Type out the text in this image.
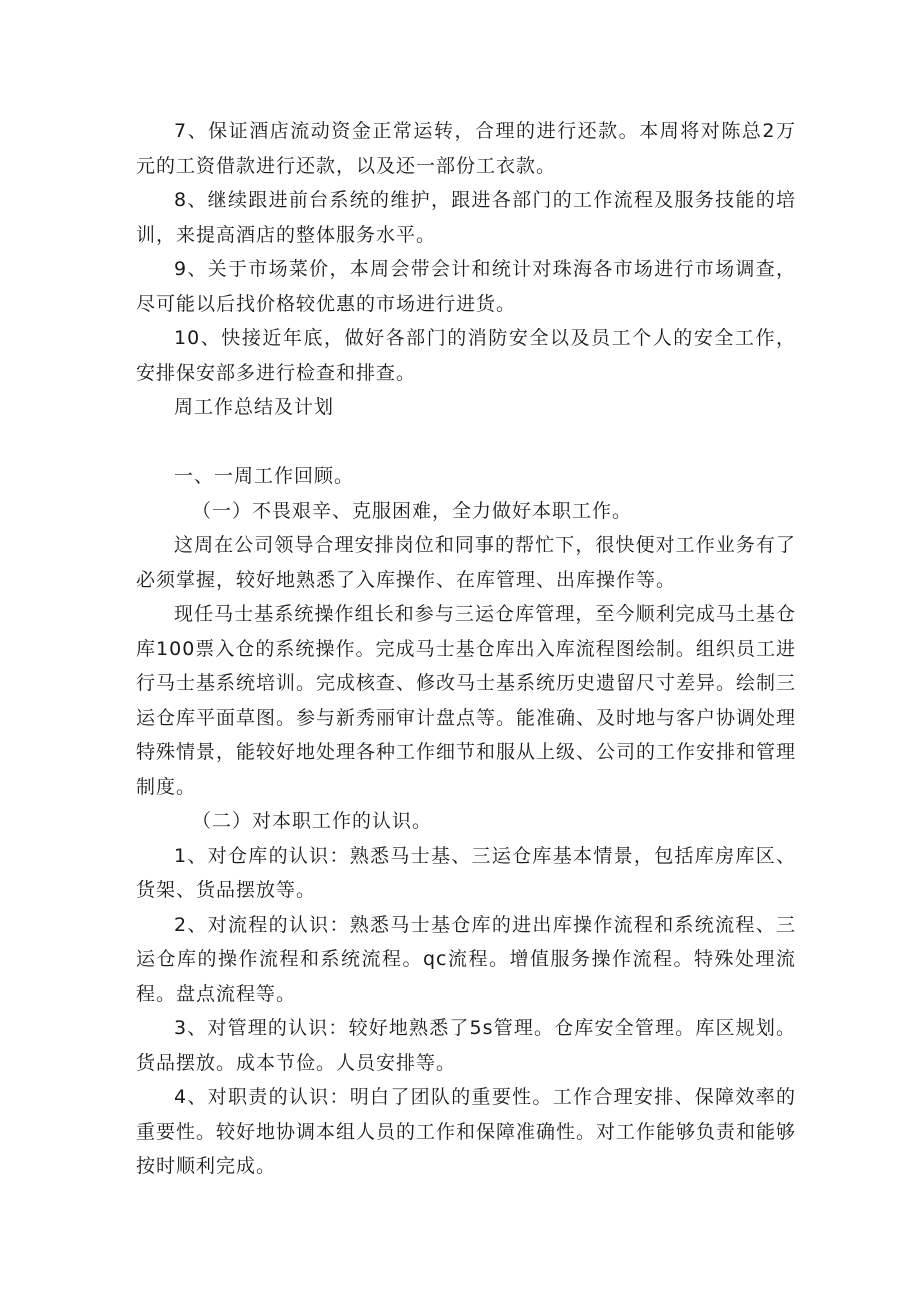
7、保证酒店流动资金正常运转，合理的进行还款。本周将对陈总2万元的工资借款进行还款，以及还一部份工衣款。

8、继续跟进前台系统的维护，跟进各部门的工作流程及服务技能的培训，来提高酒店的整体服务水平。

9、关于市场菜价，本周会带会计和统计对珠海各市场进行市场调查，尽可能以后找价格较优惠的市场进行进货。

10、快接近年底，做好各部门的消防安全以及员工个人的安全工作，安排保安部多进行检查和排查。

周工作总结及计划

一、一周工作回顾。

（一）不畏艰辛、克服困难，全力做好本职工作。

这周在公司领导合理安排岗位和同事的帮忙下，很快便对工作业务有了必须掌握，较好地熟悉了入库操作、在库管理、出库操作等。

现任马士基系统操作组长和参与三运仓库管理，至今顺利完成马土基仓库100票入仓的系统操作。完成马士基仓库出入库流程图绘制。组织员工进行马士基系统培训。完成核查、修改马士基系统历史遗留尺寸差异。绘制三运仓库平面草图。参与新秀丽审计盘点等。能准确、及时地与客户协调处理特殊情景，能较好地处理各种工作细节和服从上级、公司的工作安排和管理制度。

（二）对本职工作的认识。

1、对仓库的认识：熟悉马士基、三运仓库基本情景，包括库房库区、货架、货品摆放等。

2、对流程的认识：熟悉马士基仓库的进出库操作流程和系统流程、三运仓库的操作流程和系统流程。qc流程。增值服务操作流程。特殊处理流程。盘点流程等。

3、对管理的认识：较好地熟悉了5s管理。仓库安全管理。库区规划。货品摆放。成本节俭。人员安排等。

4、对职责的认识：明白了团队的重要性。工作合理安排、保障效率的重要性。较好地协调本组人员的工作和保障准确性。对工作能够负责和能够按时顺利完成。
